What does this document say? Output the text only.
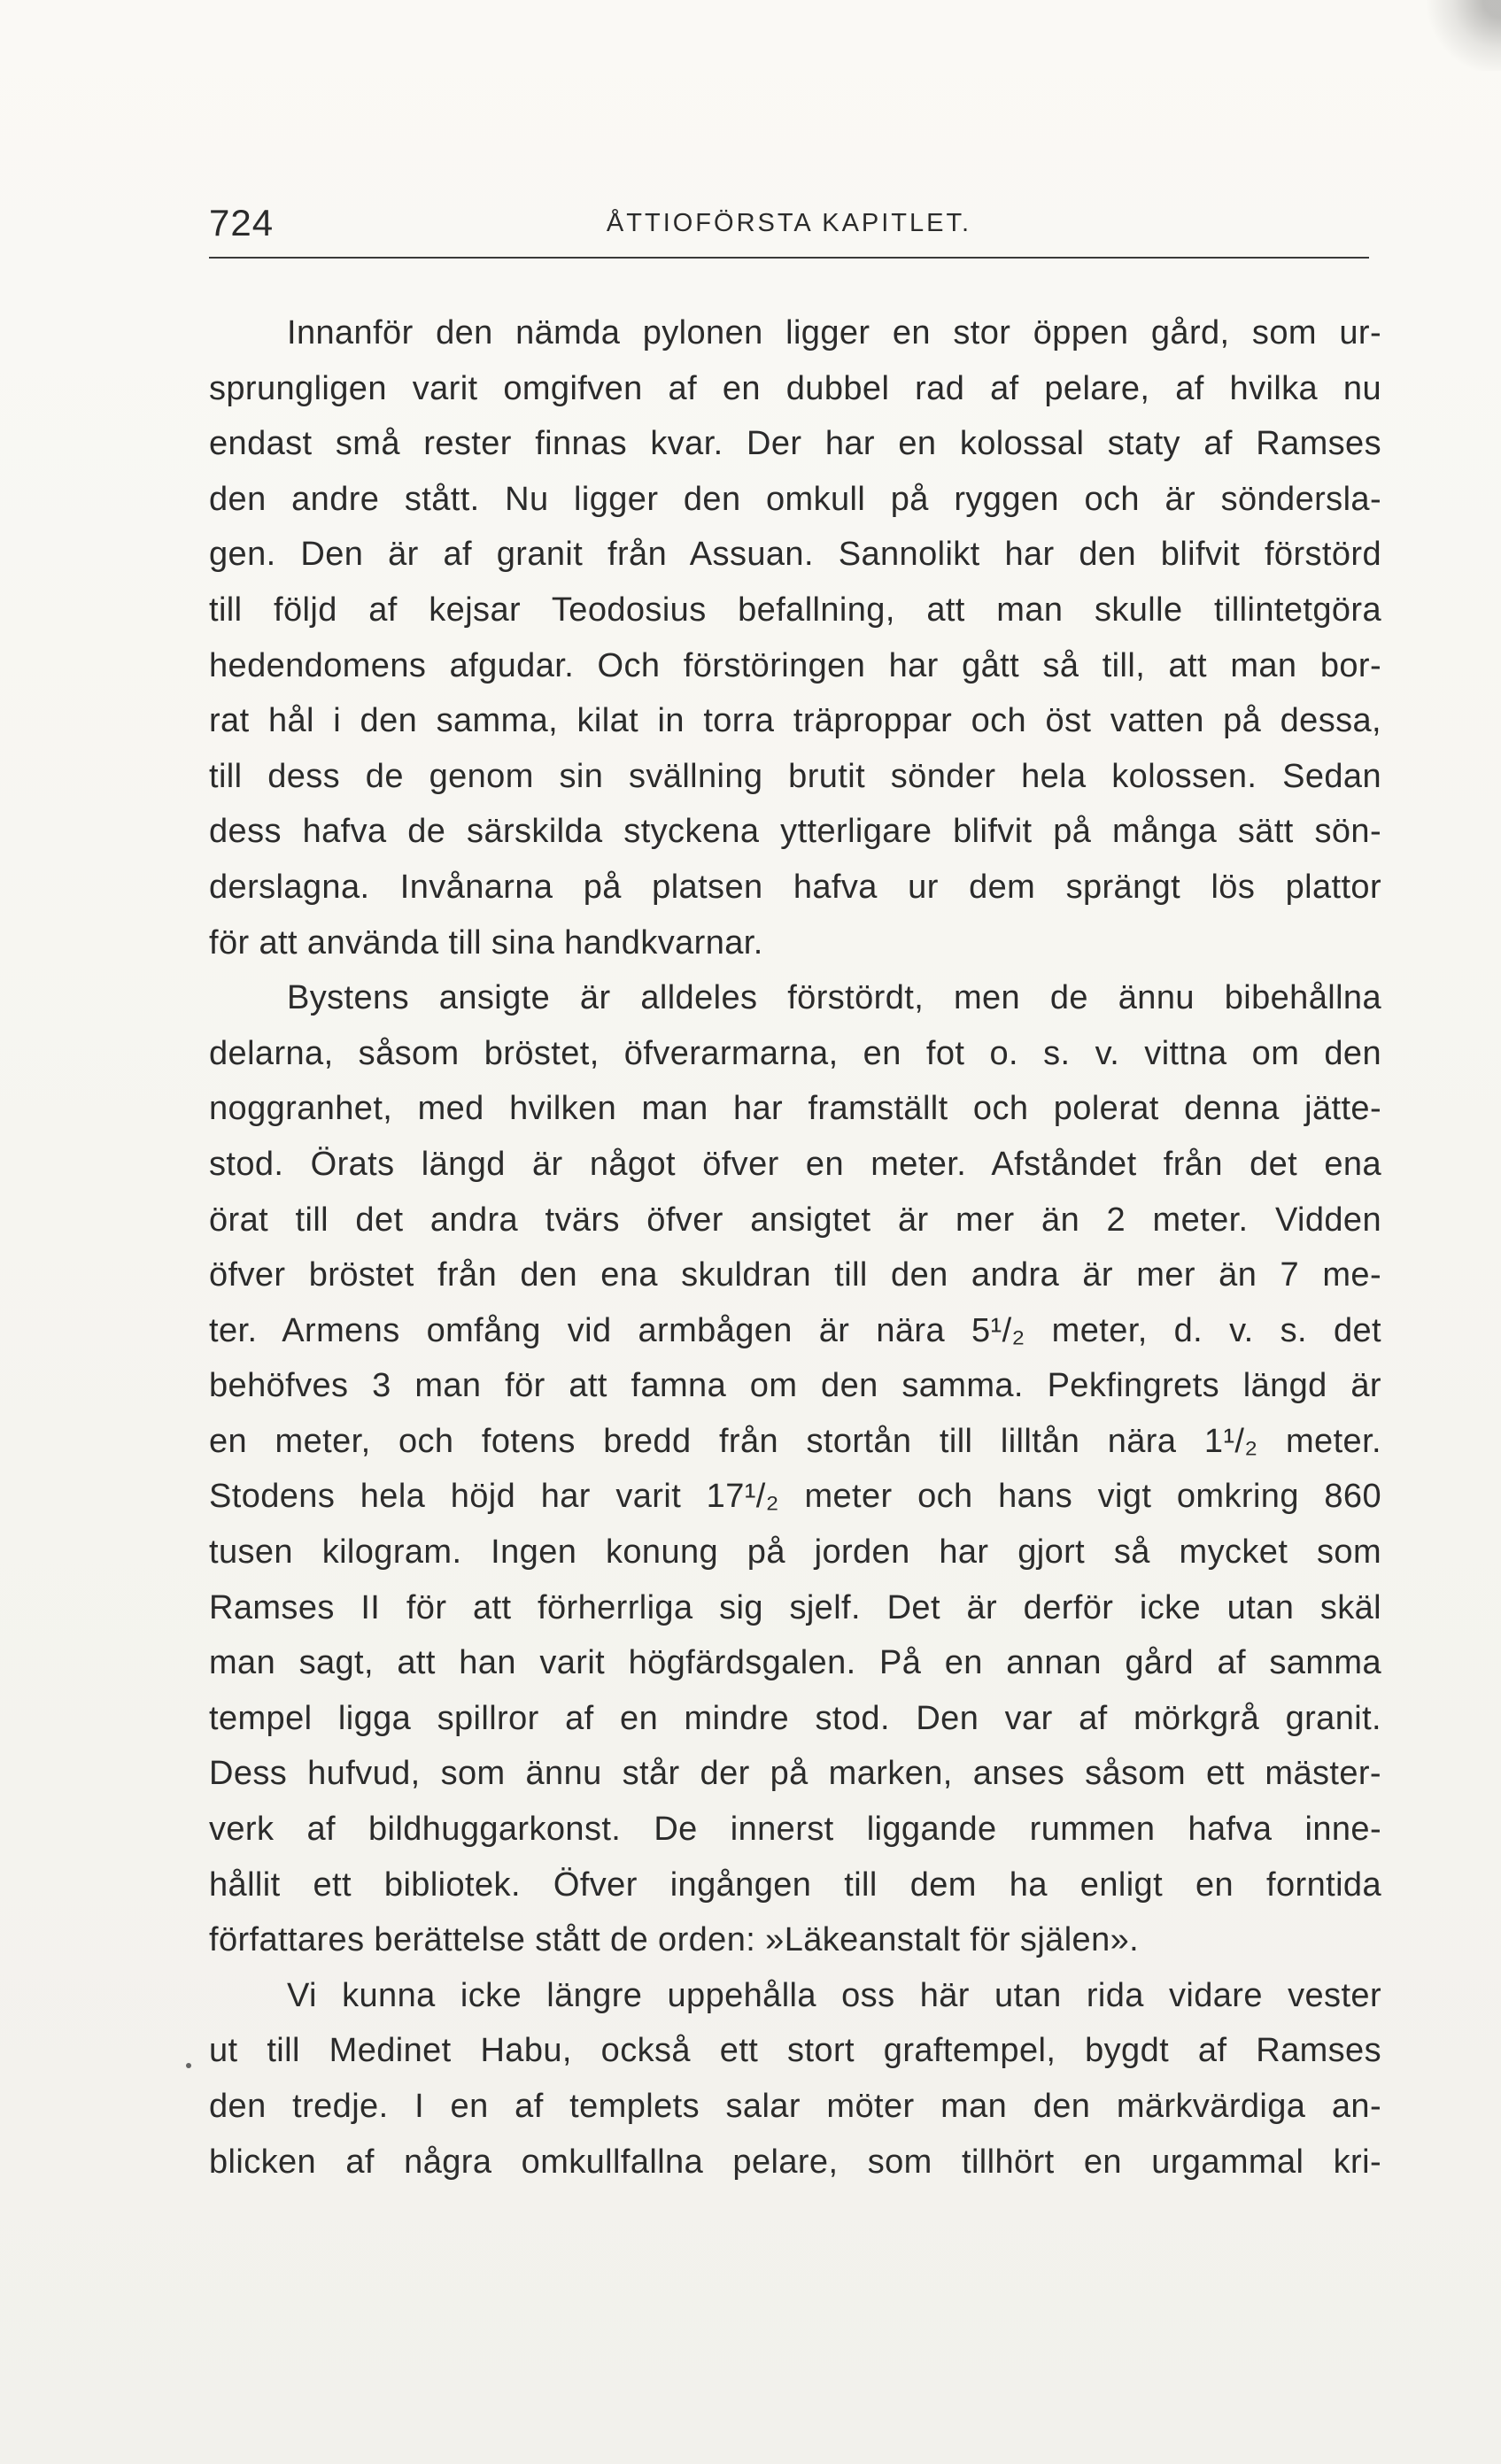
724	ÅTTIOFÖRSTA KAPITLET.
Innanför den nämda pylonen ligger en stor öppen gård, som ur-
sprungligen varit omgifven af en dubbel rad af pelare, af hvilka nu
endast små rester finnas kvar. Der har en kolossal staty af Ramses
den andre stått. Nu ligger den omkull på ryggen och är söndersla-
gen. Den är af granit från Assuan. Sannolikt har den blifvit förstörd
till följd af kejsar Teodosius befallning, att man skulle tillintetgöra
hedendomens afgudar. Och förstöringen har gått så till, att man bor-
rat hål i den samma, kilat in torra träproppar och öst vatten på dessa,
till dess de genom sin svällning brutit sönder hela kolossen. Sedan
dess hafva de särskilda styckena ytterligare blifvit på många sätt sön-
derslagna. Invånarna på platsen hafva ur dem sprängt lös plattor
för att använda till sina handkvarnar.
Bystens ansigte är alldeles förstördt, men de ännu bibehållna
delarna, såsom bröstet, öfverarmarna, en fot o. s. v. vittna om den
noggranhet, med hvilken man har framställt och polerat denna jätte-
stod. Örats längd är något öfver en meter. Afståndet från det ena
örat till det andra tvärs öfver ansigtet är mer än 2 meter. Vidden
öfver bröstet från den ena skuldran till den andra är mer än 7 me-
ter. Armens omfång vid armbågen är nära 5¹/₂ meter, d. v. s. det
behöfves 3 man för att famna om den samma. Pekfingrets längd är
en meter, och fotens bredd från stortån till lilltån nära 1¹/₂ meter.
Stodens hela höjd har varit 17¹/₂ meter och hans vigt omkring 860
tusen kilogram. Ingen konung på jorden har gjort så mycket som
Ramses II för att förherrliga sig sjelf. Det är derför icke utan skäl
man sagt, att han varit högfärdsgalen. På en annan gård af samma
tempel ligga spillror af en mindre stod. Den var af mörkgrå granit.
Dess hufvud, som ännu står der på marken, anses såsom ett mäster-
verk af bildhuggarkonst. De innerst liggande rummen hafva inne-
hållit ett bibliotek. Öfver ingången till dem ha enligt en forntida
författares berättelse stått de orden: »Läkeanstalt för själen».
Vi kunna icke längre uppehålla oss här utan rida vidare vester
ut till Medinet Habu, också ett stort graftempel, bygdt af Ramses
den tredje. I en af templets salar möter man den märkvärdiga an-
blicken af några omkullfallna pelare, som tillhört en urgammal kri-
